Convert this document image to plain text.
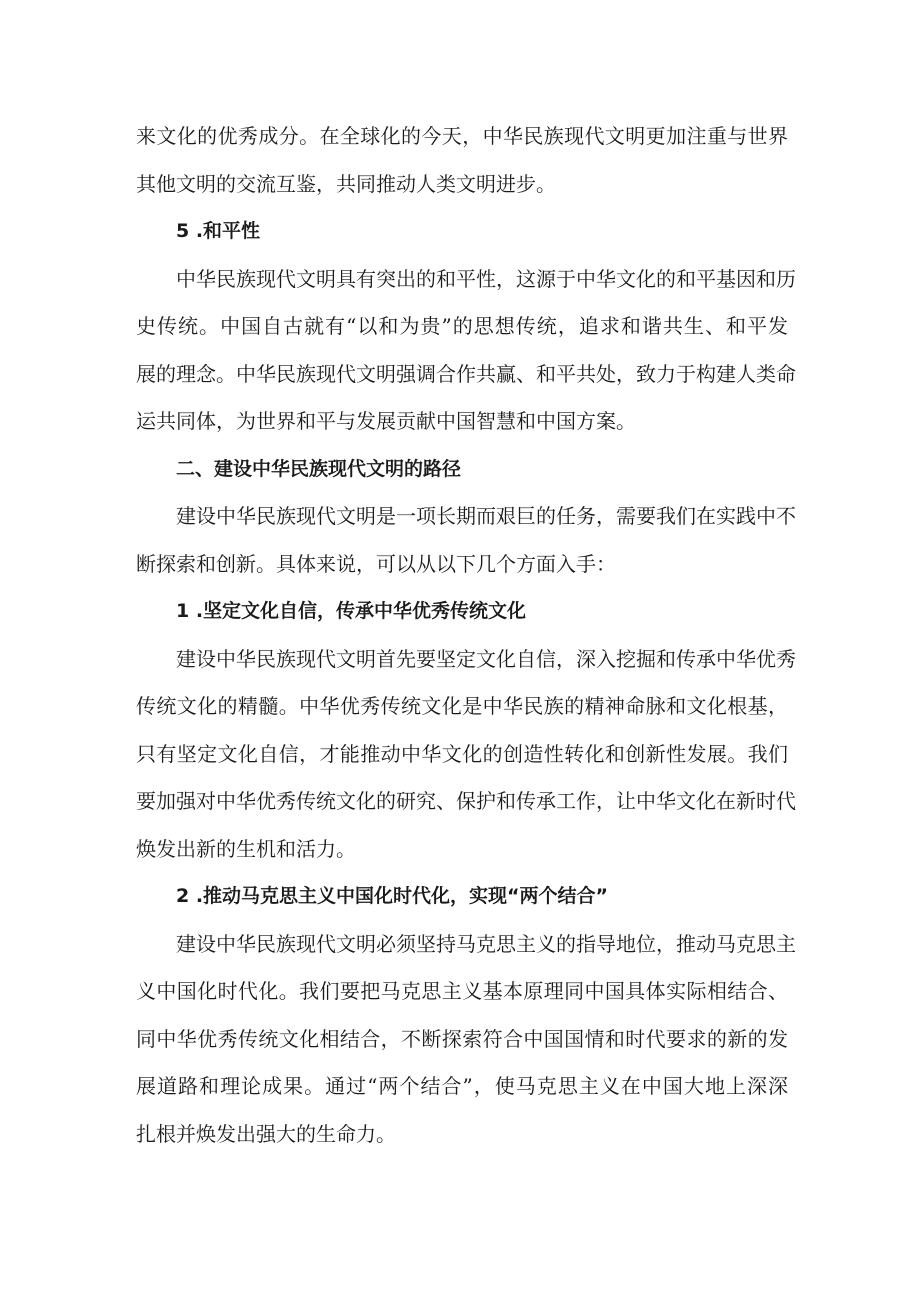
来文化的优秀成分。在全球化的今天，中华民族现代文明更加注重与世界
其他文明的交流互鉴，共同推动人类文明进步。
5 .和平性
中华民族现代文明具有突出的和平性，这源于中华文化的和平基因和历
史传统。中国自古就有“以和为贵”的思想传统，追求和谐共生、和平发
展的理念。中华民族现代文明强调合作共赢、和平共处，致力于构建人类命
运共同体，为世界和平与发展贡献中国智慧和中国方案。
二、建设中华民族现代文明的路径
建设中华民族现代文明是一项长期而艰巨的任务，需要我们在实践中不
断探索和创新。具体来说，可以从以下几个方面入手：
1 .坚定文化自信，传承中华优秀传统文化
建设中华民族现代文明首先要坚定文化自信，深入挖掘和传承中华优秀
传统文化的精髓。中华优秀传统文化是中华民族的精神命脉和文化根基，
只有坚定文化自信，才能推动中华文化的创造性转化和创新性发展。我们
要加强对中华优秀传统文化的研究、保护和传承工作，让中华文化在新时代
焕发出新的生机和活力。
2 .推动马克思主义中国化时代化，实现“两个结合”
建设中华民族现代文明必须坚持马克思主义的指导地位，推动马克思主
义中国化时代化。我们要把马克思主义基本原理同中国具体实际相结合、
同中华优秀传统文化相结合，不断探索符合中国国情和时代要求的新的发
展道路和理论成果。通过“两个结合”，使马克思主义在中国大地上深深
扎根并焕发出强大的生命力。
